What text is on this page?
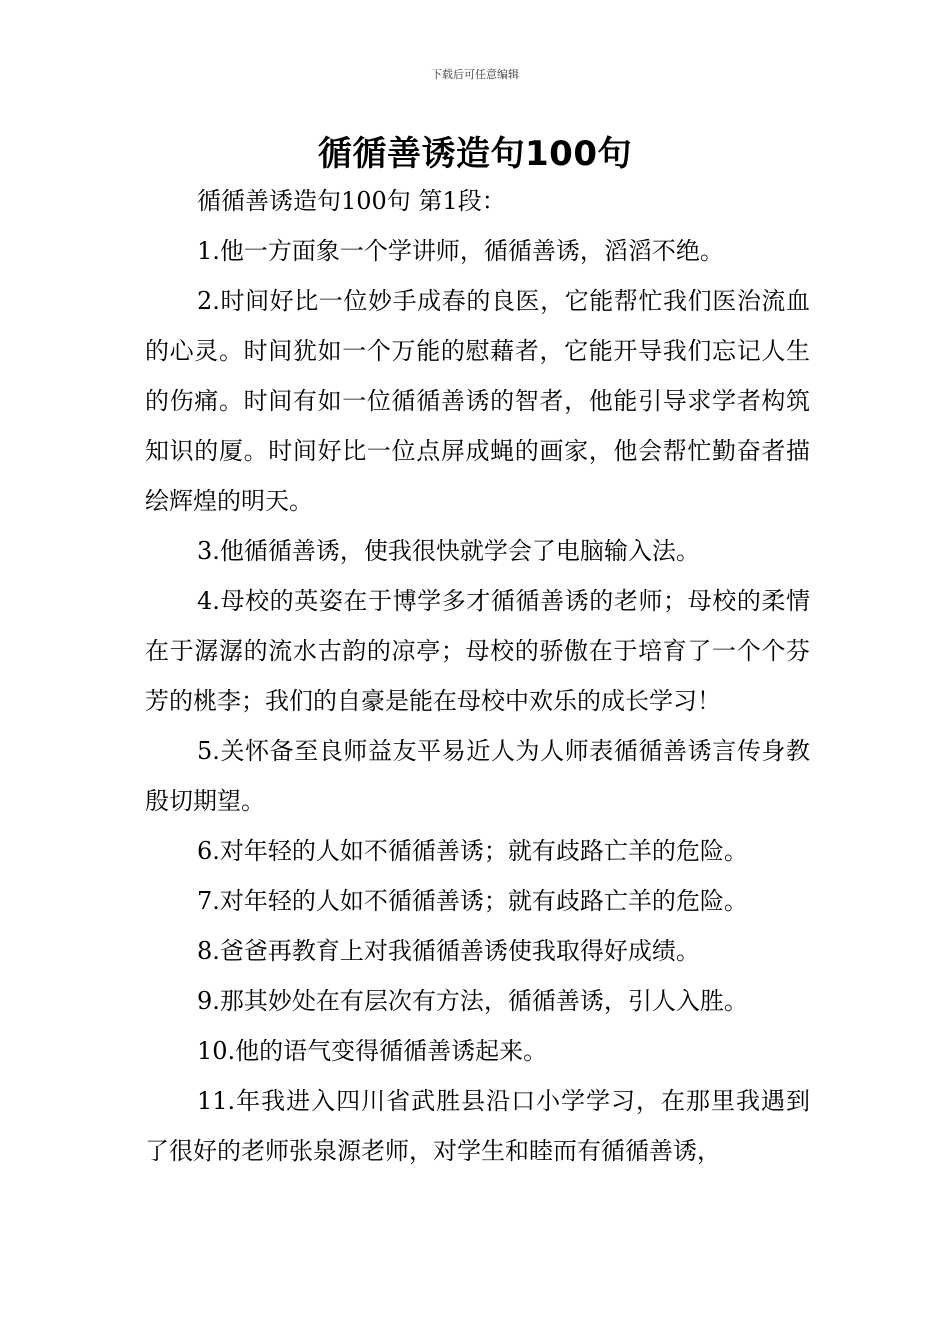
下载后可任意编辑
循循善诱造句100句

循循善诱造句100句 第1段：

1.他一方面象一个学讲师，循循善诱，滔滔不绝。

2.时间好比一位妙手成春的良医，它能帮忙我们医治流血的心灵。时间犹如一个万能的慰藉者，它能开导我们忘记人生的伤痛。时间有如一位循循善诱的智者，他能引导求学者构筑知识的厦。时间好比一位点屏成蝇的画家，他会帮忙勤奋者描绘辉煌的明天。

3.他循循善诱，使我很快就学会了电脑输入法。

4.母校的英姿在于博学多才循循善诱的老师；母校的柔情在于潺潺的流水古韵的凉亭；母校的骄傲在于培育了一个个芬芳的桃李；我们的自豪是能在母校中欢乐的成长学习！

5.关怀备至良师益友平易近人为人师表循循善诱言传身教殷切期望。

6.对年轻的人如不循循善诱；就有歧路亡羊的危险。

7.对年轻的人如不循循善诱；就有歧路亡羊的危险。

8.爸爸再教育上对我循循善诱使我取得好成绩。

9.那其妙处在有层次有方法，循循善诱，引人入胜。

10.他的语气变得循循善诱起来。

11.年我进入四川省武胜县沿口小学学习，在那里我遇到了很好的老师张泉源老师，对学生和睦而有循循善诱，
